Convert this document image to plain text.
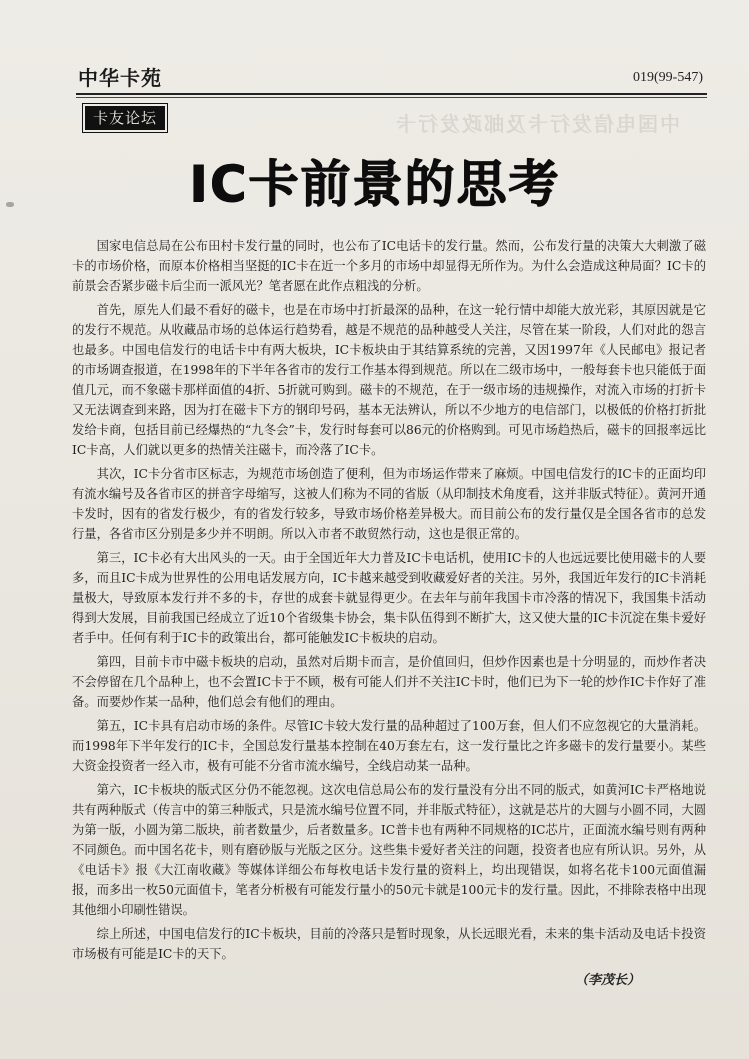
中华卡苑	019(99-547)
卡友论坛	中国电信发行卡及邮政发行卡
IC卡前景的思考

国家电信总局在公布田村卡发行量的同时，也公布了IC电话卡的发行量。然而，公布发行量的决策大大刺激了磁卡的市场价格，而原本价格相当坚挺的IC卡在近一个多月的市场中却显得无所作为。为什么会造成这种局面？IC卡的前景会否紧步磁卡后尘而一派风光？笔者愿在此作点粗浅的分析。

首先，原先人们最不看好的磁卡，也是在市场中打折最深的品种，在这一轮行情中却能大放光彩，其原因就是它的发行不规范。从收藏品市场的总体运行趋势看，越是不规范的品种越受人关注，尽管在某一阶段，人们对此的怨言也最多。中国电信发行的电话卡中有两大板块，IC卡板块由于其结算系统的完善，又因1997年《人民邮电》报记者的市场调查报道，在1998年的下半年各省市的发行工作基本得到规范。所以在二级市场中，一般每套卡也只能低于面值几元，而不象磁卡那样面值的4折、5折就可购到。磁卡的不规范，在于一级市场的违规操作，对流入市场的打折卡又无法调查到来路，因为打在磁卡下方的钢印号码，基本无法辨认，所以不少地方的电信部门，以极低的价格打折批发给卡商，包括目前已经爆热的“九冬会”卡，发行时每套可以86元的价格购到。可见市场趋热后，磁卡的回报率远比IC卡高，人们就以更多的热情关注磁卡，而冷落了IC卡。

其次，IC卡分省市区标志，为规范市场创造了便利，但为市场运作带来了麻烦。中国电信发行的IC卡的正面均印有流水编号及各省市区的拼音字母缩写，这被人们称为不同的省版（从印制技术角度看，这并非版式特征）。黄河开通卡发时，因有的省发行极少，有的省发行较多，导致市场价格差异极大。而目前公布的发行量仅是全国各省市的总发行量，各省市区分别是多少并不明朗。所以入市者不敢贸然行动，这也是很正常的。

第三，IC卡必有大出风头的一天。由于全国近年大力普及IC卡电话机，使用IC卡的人也远远要比使用磁卡的人要多，而且IC卡成为世界性的公用电话发展方向，IC卡越来越受到收藏爱好者的关注。另外，我国近年发行的IC卡消耗量极大，导致原本发行并不多的卡，存世的成套卡就显得更少。在去年与前年我国卡市冷落的情况下，我国集卡活动得到大发展，目前我国已经成立了近10个省级集卡协会，集卡队伍得到不断扩大，这又使大量的IC卡沉淀在集卡爱好者手中。任何有利于IC卡的政策出台，都可能触发IC卡板块的启动。

第四，目前卡市中磁卡板块的启动，虽然对后期卡而言，是价值回归，但炒作因素也是十分明显的，而炒作者决不会停留在几个品种上，也不会置IC卡于不顾，极有可能人们并不关注IC卡时，他们已为下一轮的炒作IC卡作好了准备。而要炒作某一品种，他们总会有他们的理由。

第五，IC卡具有启动市场的条件。尽管IC卡较大发行量的品种超过了100万套，但人们不应忽视它的大量消耗。而1998年下半年发行的IC卡，全国总发行量基本控制在40万套左右，这一发行量比之许多磁卡的发行量要小。某些大资金投资者一经入市，极有可能不分省市流水编号，全线启动某一品种。

第六，IC卡板块的版式区分仍不能忽视。这次电信总局公布的发行量没有分出不同的版式，如黄河IC卡严格地说共有两种版式（传言中的第三种版式，只是流水编号位置不同，并非版式特征），这就是芯片的大圆与小圆不同，大圆为第一版，小圆为第二版块，前者数量少，后者数量多。IC普卡也有两种不同规格的IC芯片，正面流水编号则有两种不同颜色。而中国名花卡，则有磨砂版与光版之区分。这些集卡爱好者关注的问题，投资者也应有所认识。另外，从《电话卡》报《大江南收藏》等媒体详细公布每枚电话卡发行量的资料上，均出现错误，如将名花卡100元面值漏报，而多出一枚50元面值卡，笔者分析极有可能发行量小的50元卡就是100元卡的发行量。因此，不排除表格中出现其他细小印刷性错误。

综上所述，中国电信发行的IC卡板块，目前的冷落只是暂时现象，从长远眼光看，未来的集卡活动及电话卡投资市场极有可能是IC卡的天下。

（李茂长）
